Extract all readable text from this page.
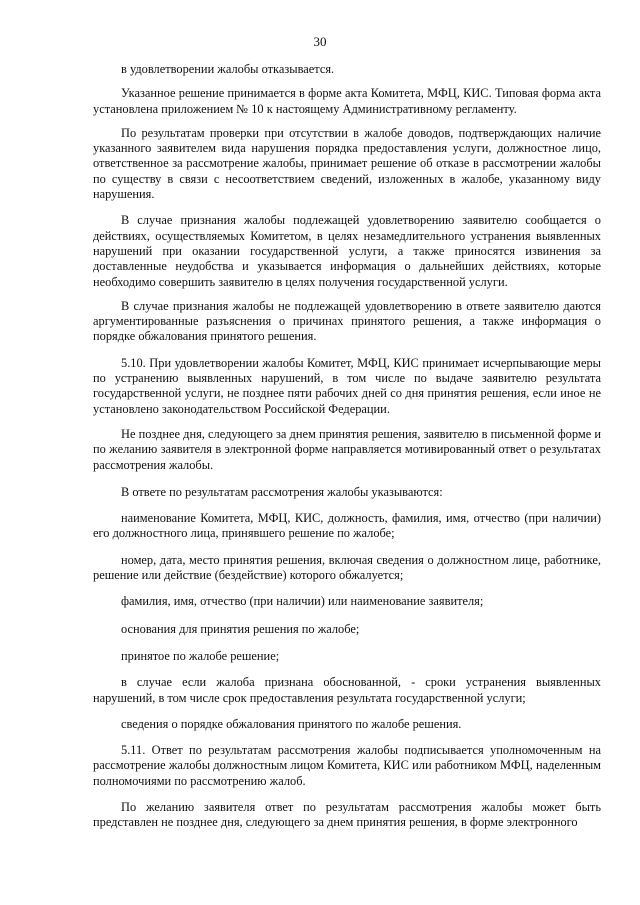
30

в удовлетворении жалобы отказывается.

Указанное решение принимается в форме акта Комитета, МФЦ, КИС. Типовая форма акта установлена приложением № 10 к настоящему Административному регламенту.

По результатам проверки при отсутствии в жалобе доводов, подтверждающих наличие указанного заявителем вида нарушения порядка предоставления услуги, должностное лицо, ответственное за рассмотрение жалобы, принимает решение об отказе в рассмотрении жалобы по существу в связи с несоответствием сведений, изложенных в жалобе, указанному виду нарушения.

В случае признания жалобы подлежащей удовлетворению заявителю сообщается о действиях, осуществляемых Комитетом, в целях незамедлительного устранения выявленных нарушений при оказании государственной услуги, а также приносятся извинения за доставленные неудобства и указывается информация о дальнейших действиях, которые необходимо совершить заявителю в целях получения государственной услуги.

В случае признания жалобы не подлежащей удовлетворению в ответе заявителю даются аргументированные разъяснения о причинах принятого решения, а также информация о порядке обжалования принятого решения.

5.10. При удовлетворении жалобы Комитет, МФЦ, КИС принимает исчерпывающие меры по устранению выявленных нарушений, в том числе по выдаче заявителю результата государственной услуги, не позднее пяти рабочих дней со дня принятия решения, если иное не установлено законодательством Российской Федерации.

Не позднее дня, следующего за днем принятия решения, заявителю в письменной форме и по желанию заявителя в электронной форме направляется мотивированный ответ о результатах рассмотрения жалобы.

В ответе по результатам рассмотрения жалобы указываются:

наименование Комитета, МФЦ, КИС, должность, фамилия, имя, отчество (при наличии) его должностного лица, принявшего решение по жалобе;

номер, дата, место принятия решения, включая сведения о должностном лице, работнике, решение или действие (бездействие) которого обжалуется;

фамилия, имя, отчество (при наличии) или наименование заявителя;

основания для принятия решения по жалобе;

принятое по жалобе решение;

в случае если жалоба признана обоснованной, - сроки устранения выявленных нарушений, в том числе срок предоставления результата государственной услуги;

сведения о порядке обжалования принятого по жалобе решения.

5.11. Ответ по результатам рассмотрения жалобы подписывается уполномоченным на рассмотрение жалобы должностным лицом Комитета, КИС или работником МФЦ, наделенным полномочиями по рассмотрению жалоб.

По желанию заявителя ответ по результатам рассмотрения жалобы может быть представлен не позднее дня, следующего за днем принятия решения, в форме электронного
